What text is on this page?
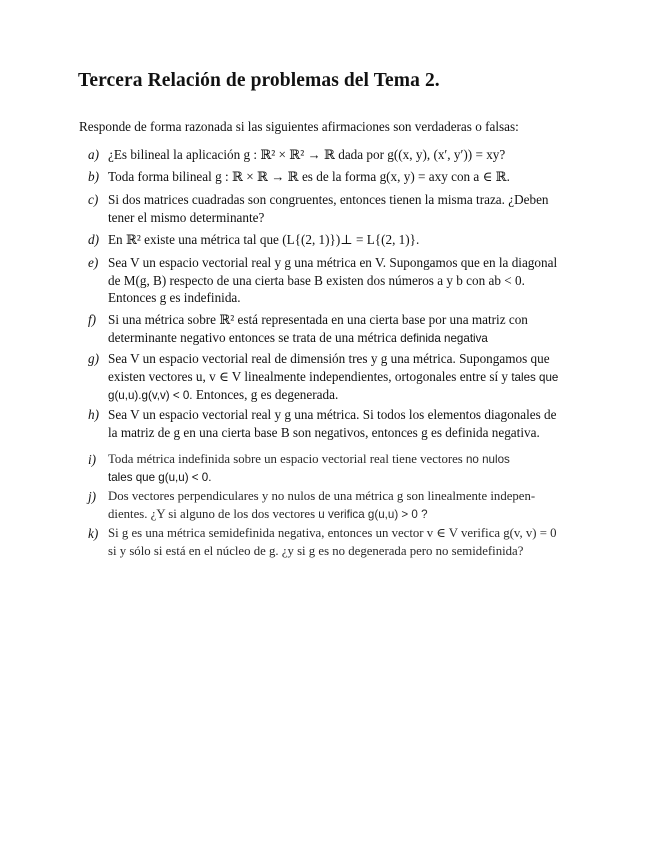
Tercera Relación de problemas del Tema 2.
Responde de forma razonada si las siguientes afirmaciones son verdaderas o falsas:
a) ¿Es bilineal la aplicación g : ℝ² × ℝ² → ℝ dada por g((x, y), (x′, y′)) = xy?
b) Toda forma bilineal g : ℝ × ℝ → ℝ es de la forma g(x, y) = axy con a ∈ ℝ.
c) Si dos matrices cuadradas son congruentes, entonces tienen la misma traza. ¿Deben
tener el mismo determinante?
d) En ℝ² existe una métrica tal que (L{(2, 1)})⊥ = L{(2, 1)}.
e) Sea V un espacio vectorial real y g una métrica en V. Supongamos que en la diagonal
de M(g, B) respecto de una cierta base B existen dos números a y b con ab < 0.
Entonces g es indefinida.
f) Si una métrica sobre ℝ² está representada en una cierta base por una matriz con
determinante negativo entonces se trata de una métrica definida negativa
g) Sea V un espacio vectorial real de dimensión tres y g una métrica. Supongamos que
existen vectores u, v ∈ V linealmente independientes, ortogonales entre sí y tales que
g(u,u).g(v,v) < 0. Entonces, g es degenerada.
h) Sea V un espacio vectorial real y g una métrica. Si todos los elementos diagonales de
la matriz de g en una cierta base B son negativos, entonces g es definida negativa.
i) Toda métrica indefinida sobre un espacio vectorial real tiene vectores no nulos
tales que g(u,u) < 0.
j) Dos vectores perpendiculares y no nulos de una métrica g son linealmente indepen-
dientes. ¿Y si alguno de los dos vectores u verifica g(u,u) > 0 ?
k) Si g es una métrica semidefinida negativa, entonces un vector v ∈ V verifica g(v, v) = 0
si y sólo si está en el núcleo de g. ¿y si g es no degenerada pero no semidefinida?
